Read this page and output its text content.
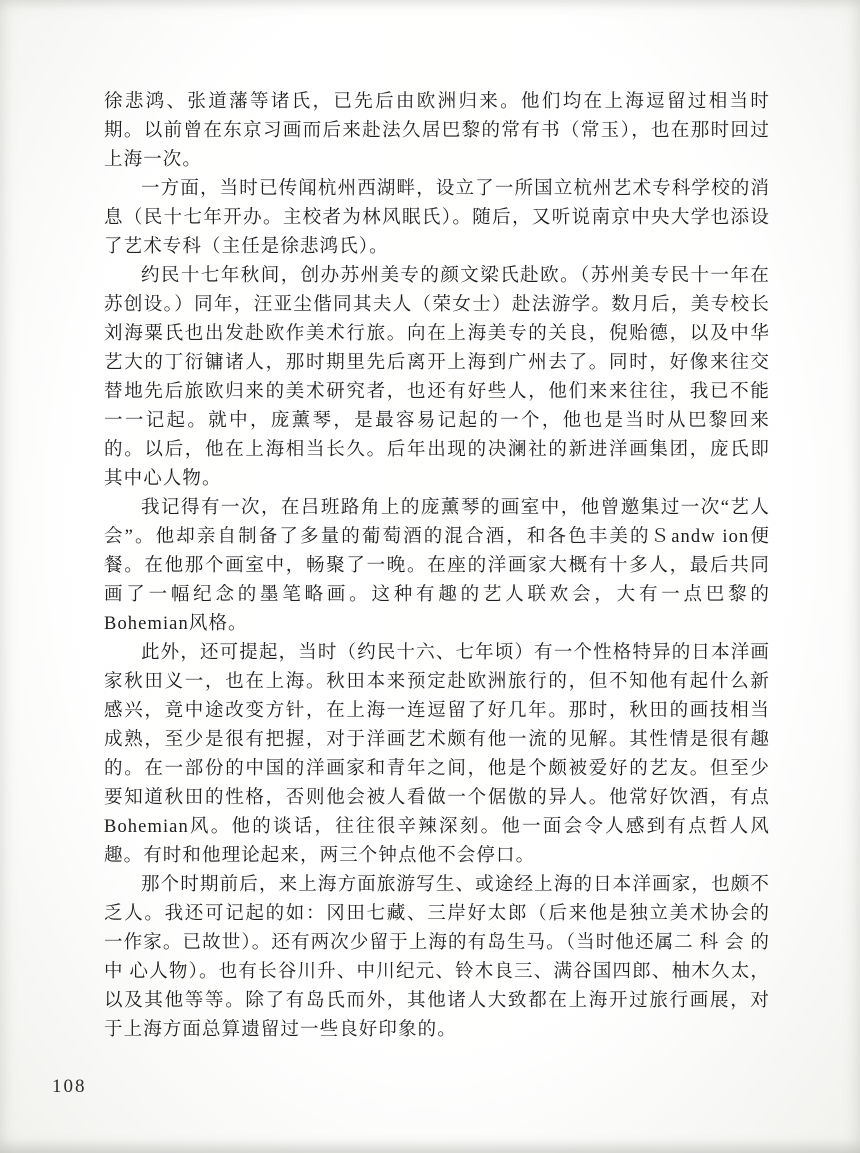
徐悲鸿、张道藩等诸氏，已先后由欧洲归来。他们均在上海逗留过相当时期。以前曾在东京习画而后来赴法久居巴黎的常有书（常玉），也在那时回过上海一次。

一方面，当时已传闻杭州西湖畔，设立了一所国立杭州艺术专科学校的消息（民十七年开办。主校者为林风眠氏）。随后，又听说南京中央大学也添设了艺术专科（主任是徐悲鸿氏）。

约民十七年秋间，创办苏州美专的颜文梁氏赴欧。（苏州美专民十一年在苏创设。）同年，汪亚尘偕同其夫人（荣女士）赴法游学。数月后，美专校长刘海粟氏也出发赴欧作美术行旅。向在上海美专的关良，倪贻德，以及中华艺大的丁衍镛诸人，那时期里先后离开上海到广州去了。同时，好像来往交替地先后旅欧归来的美术研究者，也还有好些人，他们来来往往，我已不能一一记起。就中，庞薰琴，是最容易记起的一个，他也是当时从巴黎回来的。以后，他在上海相当长久。后年出现的决澜社的新进洋画集团，庞氏即其中心人物。

我记得有一次，在吕班路角上的庞薰琴的画室中，他曾邀集过一次“艺人会”。他却亲自制备了多量的葡萄酒的混合酒，和各色丰美的Ｓandw ion便餐。在他那个画室中，畅聚了一晚。在座的洋画家大概有十多人，最后共同画了一幅纪念的墨笔略画。这种有趣的艺人联欢会，大有一点巴黎的Bohemian风格。

此外，还可提起，当时（约民十六、七年顷）有一个性格特异的日本洋画家秋田义一，也在上海。秋田本来预定赴欧洲旅行的，但不知他有起什么新感兴，竟中途改变方针，在上海一连逗留了好几年。那时，秋田的画技相当成熟，至少是很有把握，对于洋画艺术颇有他一流的见解。其性情是很有趣的。在一部份的中国的洋画家和青年之间，他是个颇被爱好的艺友。但至少要知道秋田的性格，否则他会被人看做一个倨傲的异人。他常好饮酒，有点Bohemian风。他的谈话，往往很辛辣深刻。他一面会令人感到有点哲人风趣。有时和他理论起来，两三个钟点他不会停口。

那个时期前后，来上海方面旅游写生、或途经上海的日本洋画家，也颇不乏人。我还可记起的如：冈田七藏、三岸好太郎（后来他是独立美术协会的一作家。已故世）。还有两次少留于上海的有岛生马。（当时他还属二 科 会 的 中 心人物）。也有长谷川升、中川纪元、铃木良三、满谷国四郎、柚木久太，以及其他等等。除了有岛氏而外，其他诸人大致都在上海开过旅行画展，对于上海方面总算遗留过一些良好印象的。

108
